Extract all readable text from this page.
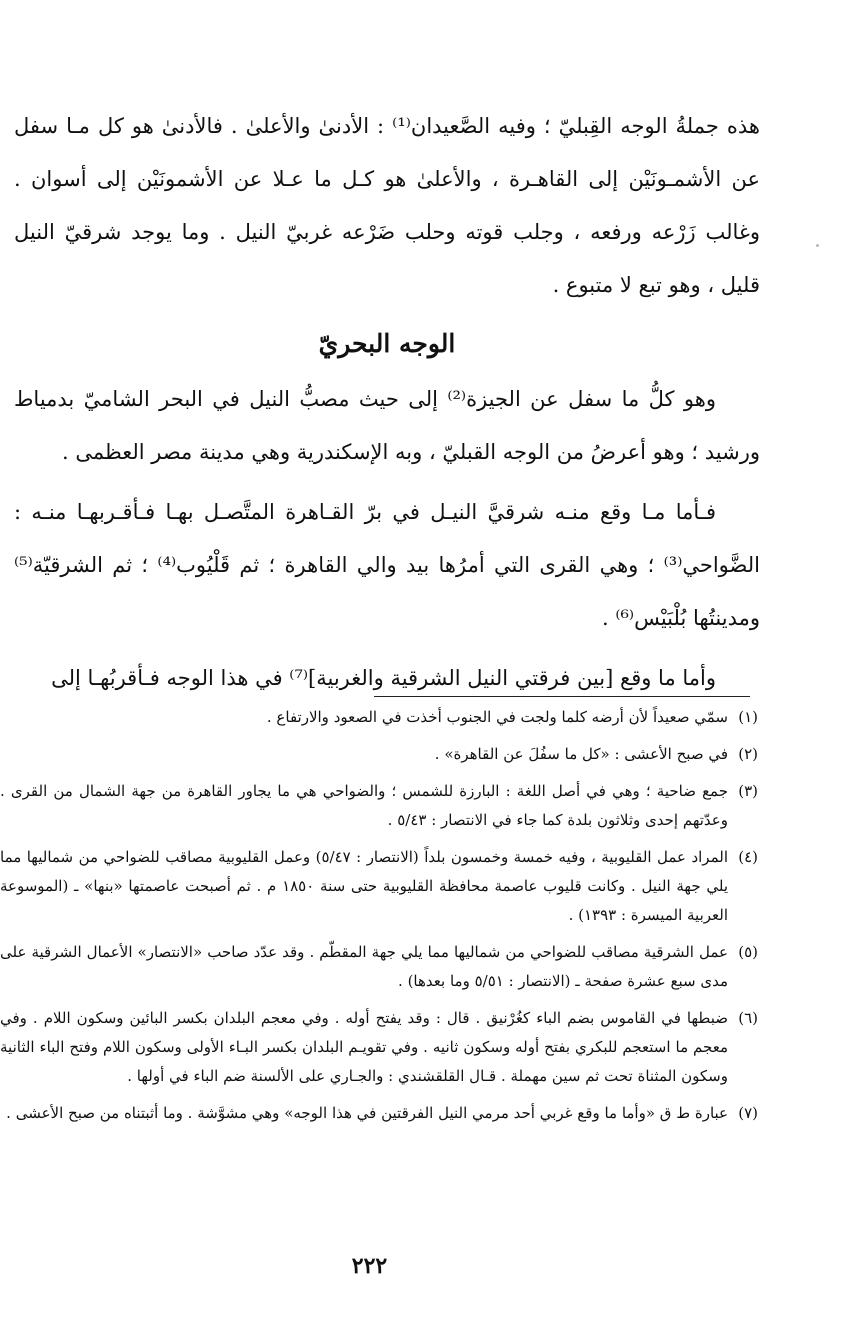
هذه جملةُ الوجه القِبليّ ؛ وفيه الصَّعيدان⁽¹⁾ : الأدنىٰ والأعلىٰ . فالأدنىٰ هو كل مـا سفل عن الأشمـونَيْن إلى القاهـرة ، والأعلىٰ هو كـل ما عـلا عن الأشمونَيْن إلى أسوان . وغالب زَرْعه ورفعه ، وجلب قوته وحلب ضَرْعه غربيّ النيل . وما يوجد شرقيّ النيل قليل ، وهو تبع لا متبوع .

الوجه البحريّ

وهو كلُّ ما سفل عن الجيزة⁽²⁾ إلى حيث مصبُّ النيل في البحر الشاميّ بدمياط ورشيد ؛ وهو أعرضُ من الوجه القبليّ ، وبه الإسكندرية وهي مدينة مصر العظمى .

فـأما مـا وقع منـه شرقيَّ النيـل في برّ القـاهرة المتَّصـل بهـا فـأقـربهـا منـه : الضَّواحي⁽³⁾ ؛ وهي القرى التي أمرُها بيد والي القاهرة ؛ ثم قَلْيُوب⁽⁴⁾ ؛ ثم الشرقيّة⁽⁵⁾ ومدينتُها بُلْبَيْس⁽⁶⁾ .

وأما ما وقع [بين فرقتي النيل الشرقية والغربية]⁽⁷⁾ في هذا الوجه فـأقربُهـا إلى

(١)
سمّي صعيداً لأن أرضه كلما ولجت في الجنوب أخذت في الصعود والارتفاع .
(٢)
في صبح الأعشى : «كل ما سفُلَ عن القاهرة» .
(٣)
جمع ضاحية ؛ وهي في أصل اللغة : البارزة للشمس ؛ والضواحي هي ما يجاور القاهرة من جهة الشمال من القرى . وعدّتهم إحدى وثلاثون بلدة كما جاء في الانتصار : ٥/٤٣ .
(٤)
المراد عمل القليوبية ، وفيه خمسة وخمسون بلداً (الانتصار : ٥/٤٧) وعمل القليوبية مصاقب للضواحي من شماليها مما يلي جهة النيل . وكانت قليوب عاصمة محافظة القليوبية حتى سنة ١٨٥٠ م . ثم أصبحت عاصمتها «بنها» ـ (الموسوعة العربية الميسرة : ١٣٩٣) .
(٥)
عمل الشرقية مصاقب للضواحي من شماليها مما يلي جهة المقطّم . وقد عدّد صاحب «الانتصار» الأعمال الشرقية على مدى سبع عشرة صفحة ـ (الانتصار : ٥/٥١ وما بعدها) .
(٦)
ضبطها في القاموس بضم الباء كغُرْنيق . قال : وقد يفتح أوله . وفي معجم البلدان بكسر البائين وسكون اللام . وفي معجم ما استعجم للبكري بفتح أوله وسكون ثانيه . وفي تقويـم البلدان بكسر البـاء الأولى وسكون اللام وفتح الباء الثانية وسكون المثناة تحت ثم سين مهملة . قـال القلقشندي : والجـاري على الألسنة ضم الباء في أولها .
(٧)
عبارة ط ق «وأما ما وقع غربي أحد مرمي النيل الفرقتين في هذا الوجه» وهي مشوَّشة . وما أثبتناه من صبح الأعشى .
٢٢٢
